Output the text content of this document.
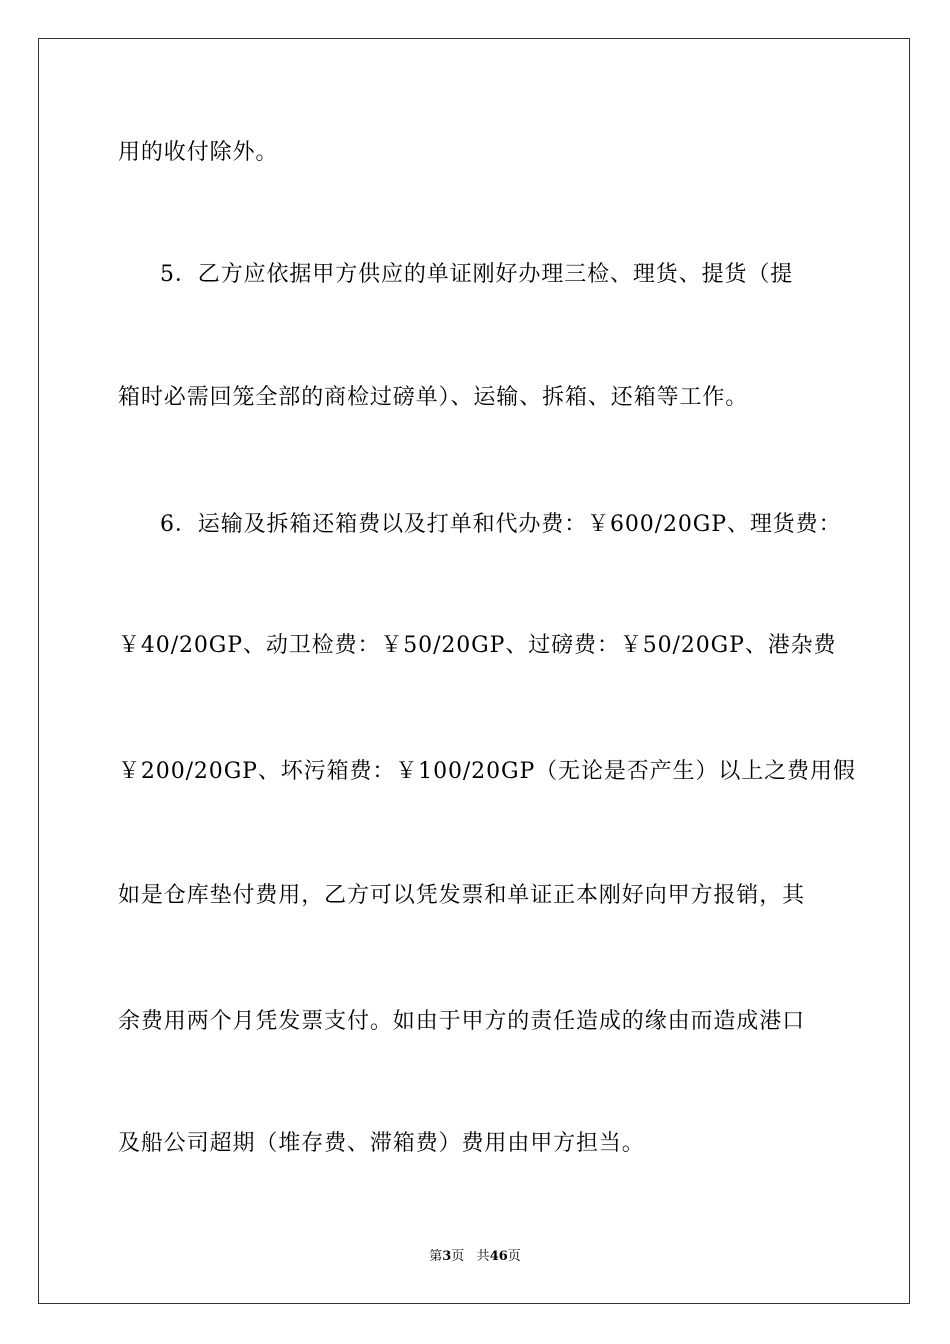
用的收付除外。
5．乙方应依据甲方供应的单证刚好办理三检、理货、提货（提
箱时必需回笼全部的商检过磅单）、运输、拆箱、还箱等工作。
6．运输及拆箱还箱费以及打单和代办费：￥600/20GP、理货费：
￥40/20GP、动卫检费：￥50/20GP、过磅费：￥50/20GP、港杂费
￥200/20GP、坏污箱费：￥100/20GP（无论是否产生）以上之费用假
如是仓库垫付费用，乙方可以凭发票和单证正本刚好向甲方报销，其
余费用两个月凭发票支付。如由于甲方的责任造成的缘由而造成港口
及船公司超期（堆存费、滞箱费）费用由甲方担当。
第3页 共46页
